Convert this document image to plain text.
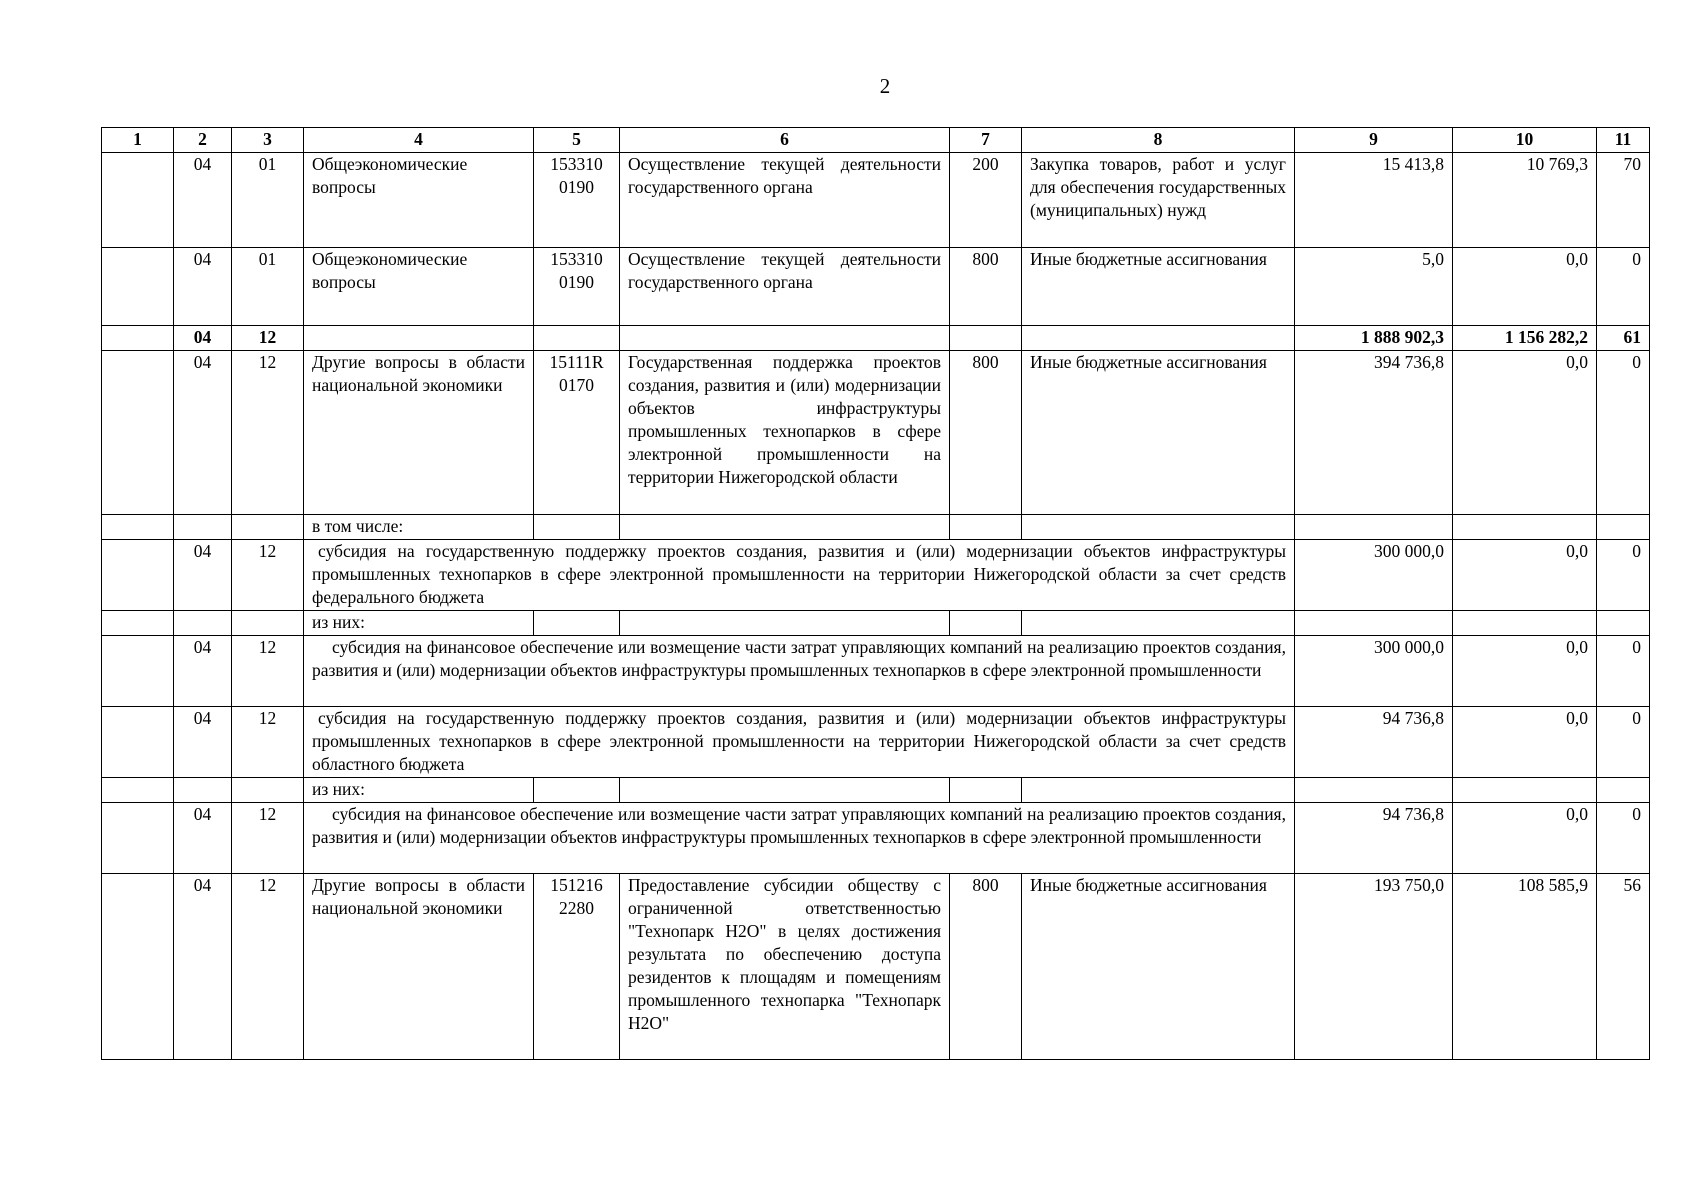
2
1	2	3	4	5	6	7	8	9	10	11
	04	01	Общеэкономические вопросы	153310 0190	Осуществление текущей деятельности государственного органа	200	Закупка товаров, работ и услуг для обеспечения государственных (муниципальных) нужд	15 413,8	10 769,3	70
	04	01	Общеэкономические вопросы	153310 0190	Осуществление текущей деятельности государственного органа	800	Иные бюджетные ассигнования	5,0	0,0	0
	04	12						1 888 902,3	1 156 282,2	61
	04	12	Другие вопросы в области национальной экономики	15111R 0170	Государственная поддержка проектов создания, развития и (или) модернизации объектов инфраструктуры промышленных технопарков в сфере электронной промышленности на территории Нижегородской области	800	Иные бюджетные ассигнования	394 736,8	0,0	0
			в том числе:							
	04	12	субсидия на государственную поддержку проектов создания, развития и (или) модернизации объектов инфраструктуры промышленных технопарков в сфере электронной промышленности на территории Нижегородской области за счет средств федерального бюджета					300 000,0	0,0	0
			из них:							
	04	12	субсидия на финансовое обеспечение или возмещение части затрат управляющих компаний на реализацию проектов создания, развития и (или) модернизации объектов инфраструктуры промышленных технопарков в сфере электронной промышленности					300 000,0	0,0	0
	04	12	субсидия на государственную поддержку проектов создания, развития и (или) модернизации объектов инфраструктуры промышленных технопарков в сфере электронной промышленности на территории Нижегородской области за счет средств областного бюджета					94 736,8	0,0	0
			из них:							
	04	12	субсидия на финансовое обеспечение или возмещение части затрат управляющих компаний на реализацию проектов создания, развития и (или) модернизации объектов инфраструктуры промышленных технопарков в сфере электронной промышленности					94 736,8	0,0	0
	04	12	Другие вопросы в области национальной экономики	151216 2280	Предоставление субсидии обществу с ограниченной ответственностью "Технопарк H2O" в целях достижения результата по обеспечению доступа резидентов к площадям и помещениям промышленного технопарка "Технопарк H2O"	800	Иные бюджетные ассигнования	193 750,0	108 585,9	56
